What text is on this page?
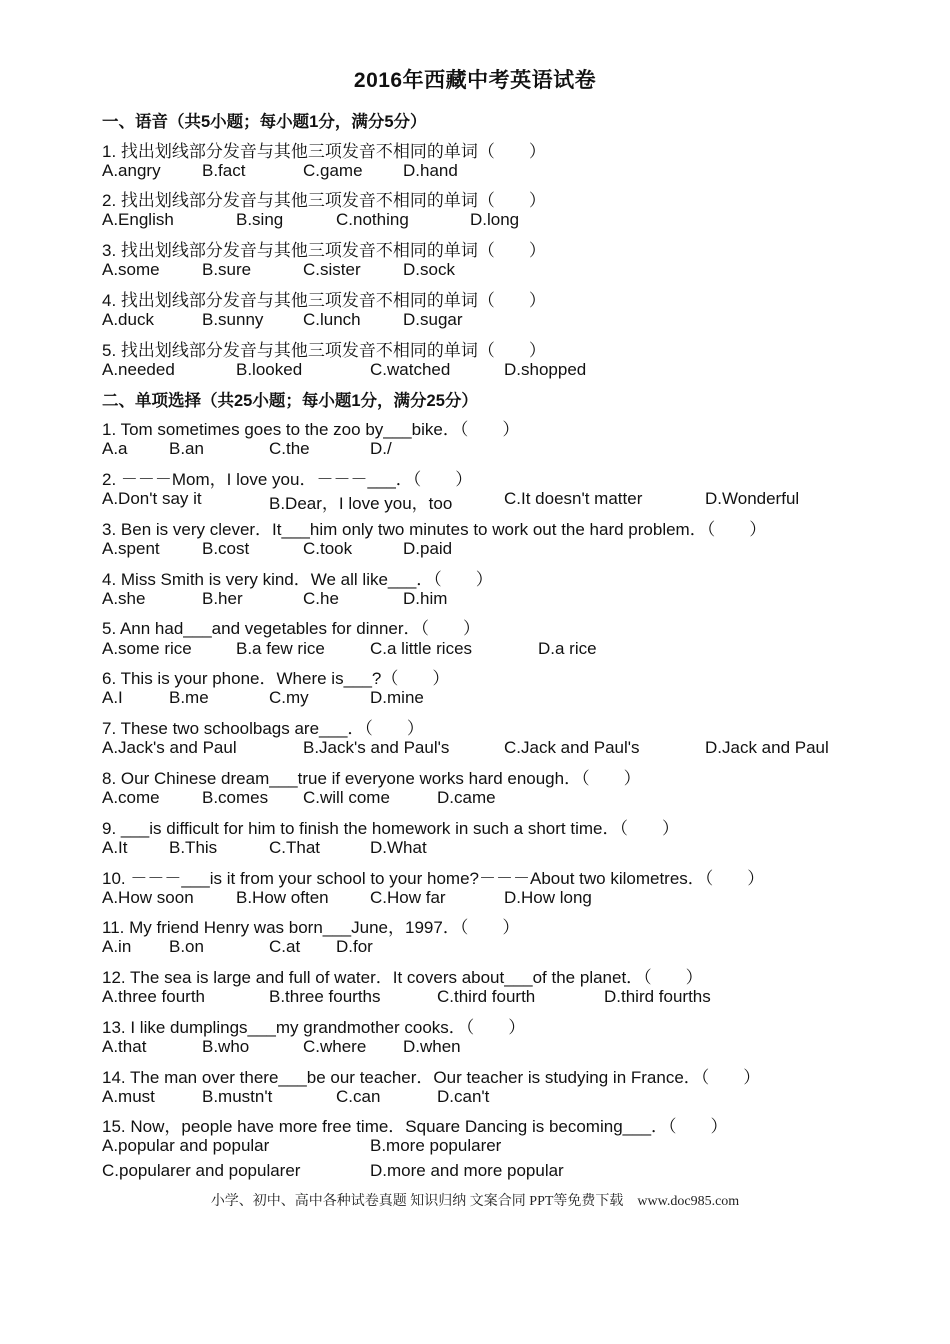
2016年西藏中考英语试卷
一、语音（共5小题；每小题1分，满分5分）
1. 找出划线部分发音与其他三项发音不相同的单词（　　）
A.angry B.fact	C.game D.hand
2. 找出划线部分发音与其他三项发音不相同的单词（　　）
A.English	B.sing	C.nothing	D.long
3. 找出划线部分发音与其他三项发音不相同的单词（　　）
A.some B.sure	C.sister D.sock
4. 找出划线部分发音与其他三项发音不相同的单词（　　）
A.duck	B.sunny C.lunch D.sugar
5. 找出划线部分发音与其他三项发音不相同的单词（　　）
A.needed	B.looked	C.watched	D.shopped
二、单项选择（共25小题；每小题1分，满分25分）
1. Tom sometimes goes to the zoo by___bike．（　　）
A.a B.an	C.the	D./
2. －－－Mom，I love you．－－－___．（　　）
A.Don't say it	B.Dear，I love you，too	C.It doesn't matter	D.Wonderful
3. Ben is very clever．It___him only two minutes to work out the hard problem．（　　）
A.spent B.cost	C.took	D.paid
4. Miss Smith is very kind．We all like___．（　　）
A.she	B.her	C.he	D.him
5. Ann had___and vegetables for dinner．（　　）
A.some rice	B.a few rice	C.a little rices	D.a rice
6. This is your phone．Where is___?（　　）
A.I	B.me	C.my	D.mine
7. These two schoolbags are___．（　　）
A.Jack's and Paul	B.Jack's and Paul's	C.Jack and Paul's	D.Jack and Paul
8. Our Chinese dream___true if everyone works hard enough．（　　）
A.come B.comes C.will come	D.came
9. ___is difficult for him to finish the homework in such a short time．（　　）
A.It B.This	C.That	D.What
10. －－－___is it from your school to your home?－－－About two kilometres．（　　）
A.How soon B.How often C.How far	D.How long
11. My friend Henry was born___June，1997．（　　）
A.in B.on	C.at D.for
12. The sea is large and full of water．It covers about___of the planet．（　　）
A.three fourth	B.three fourths	C.third fourth	D.third fourths
13. I like dumplings___my grandmother cooks．（　　）
A.that	B.who	C.where D.when
14. The man over there___be our teacher．Our teacher is studying in France．（　　）
A.must	B.mustn't	C.can	D.can't
15. Now，people have more free time．Square Dancing is becoming___．（　　）
A.popular and popular	B.more popularer
C.popularer and popularer	D.more and more popular
小学、初中、高中各种试卷真题 知识归纳 文案合同 PPT等免费下载　www.doc985.com
